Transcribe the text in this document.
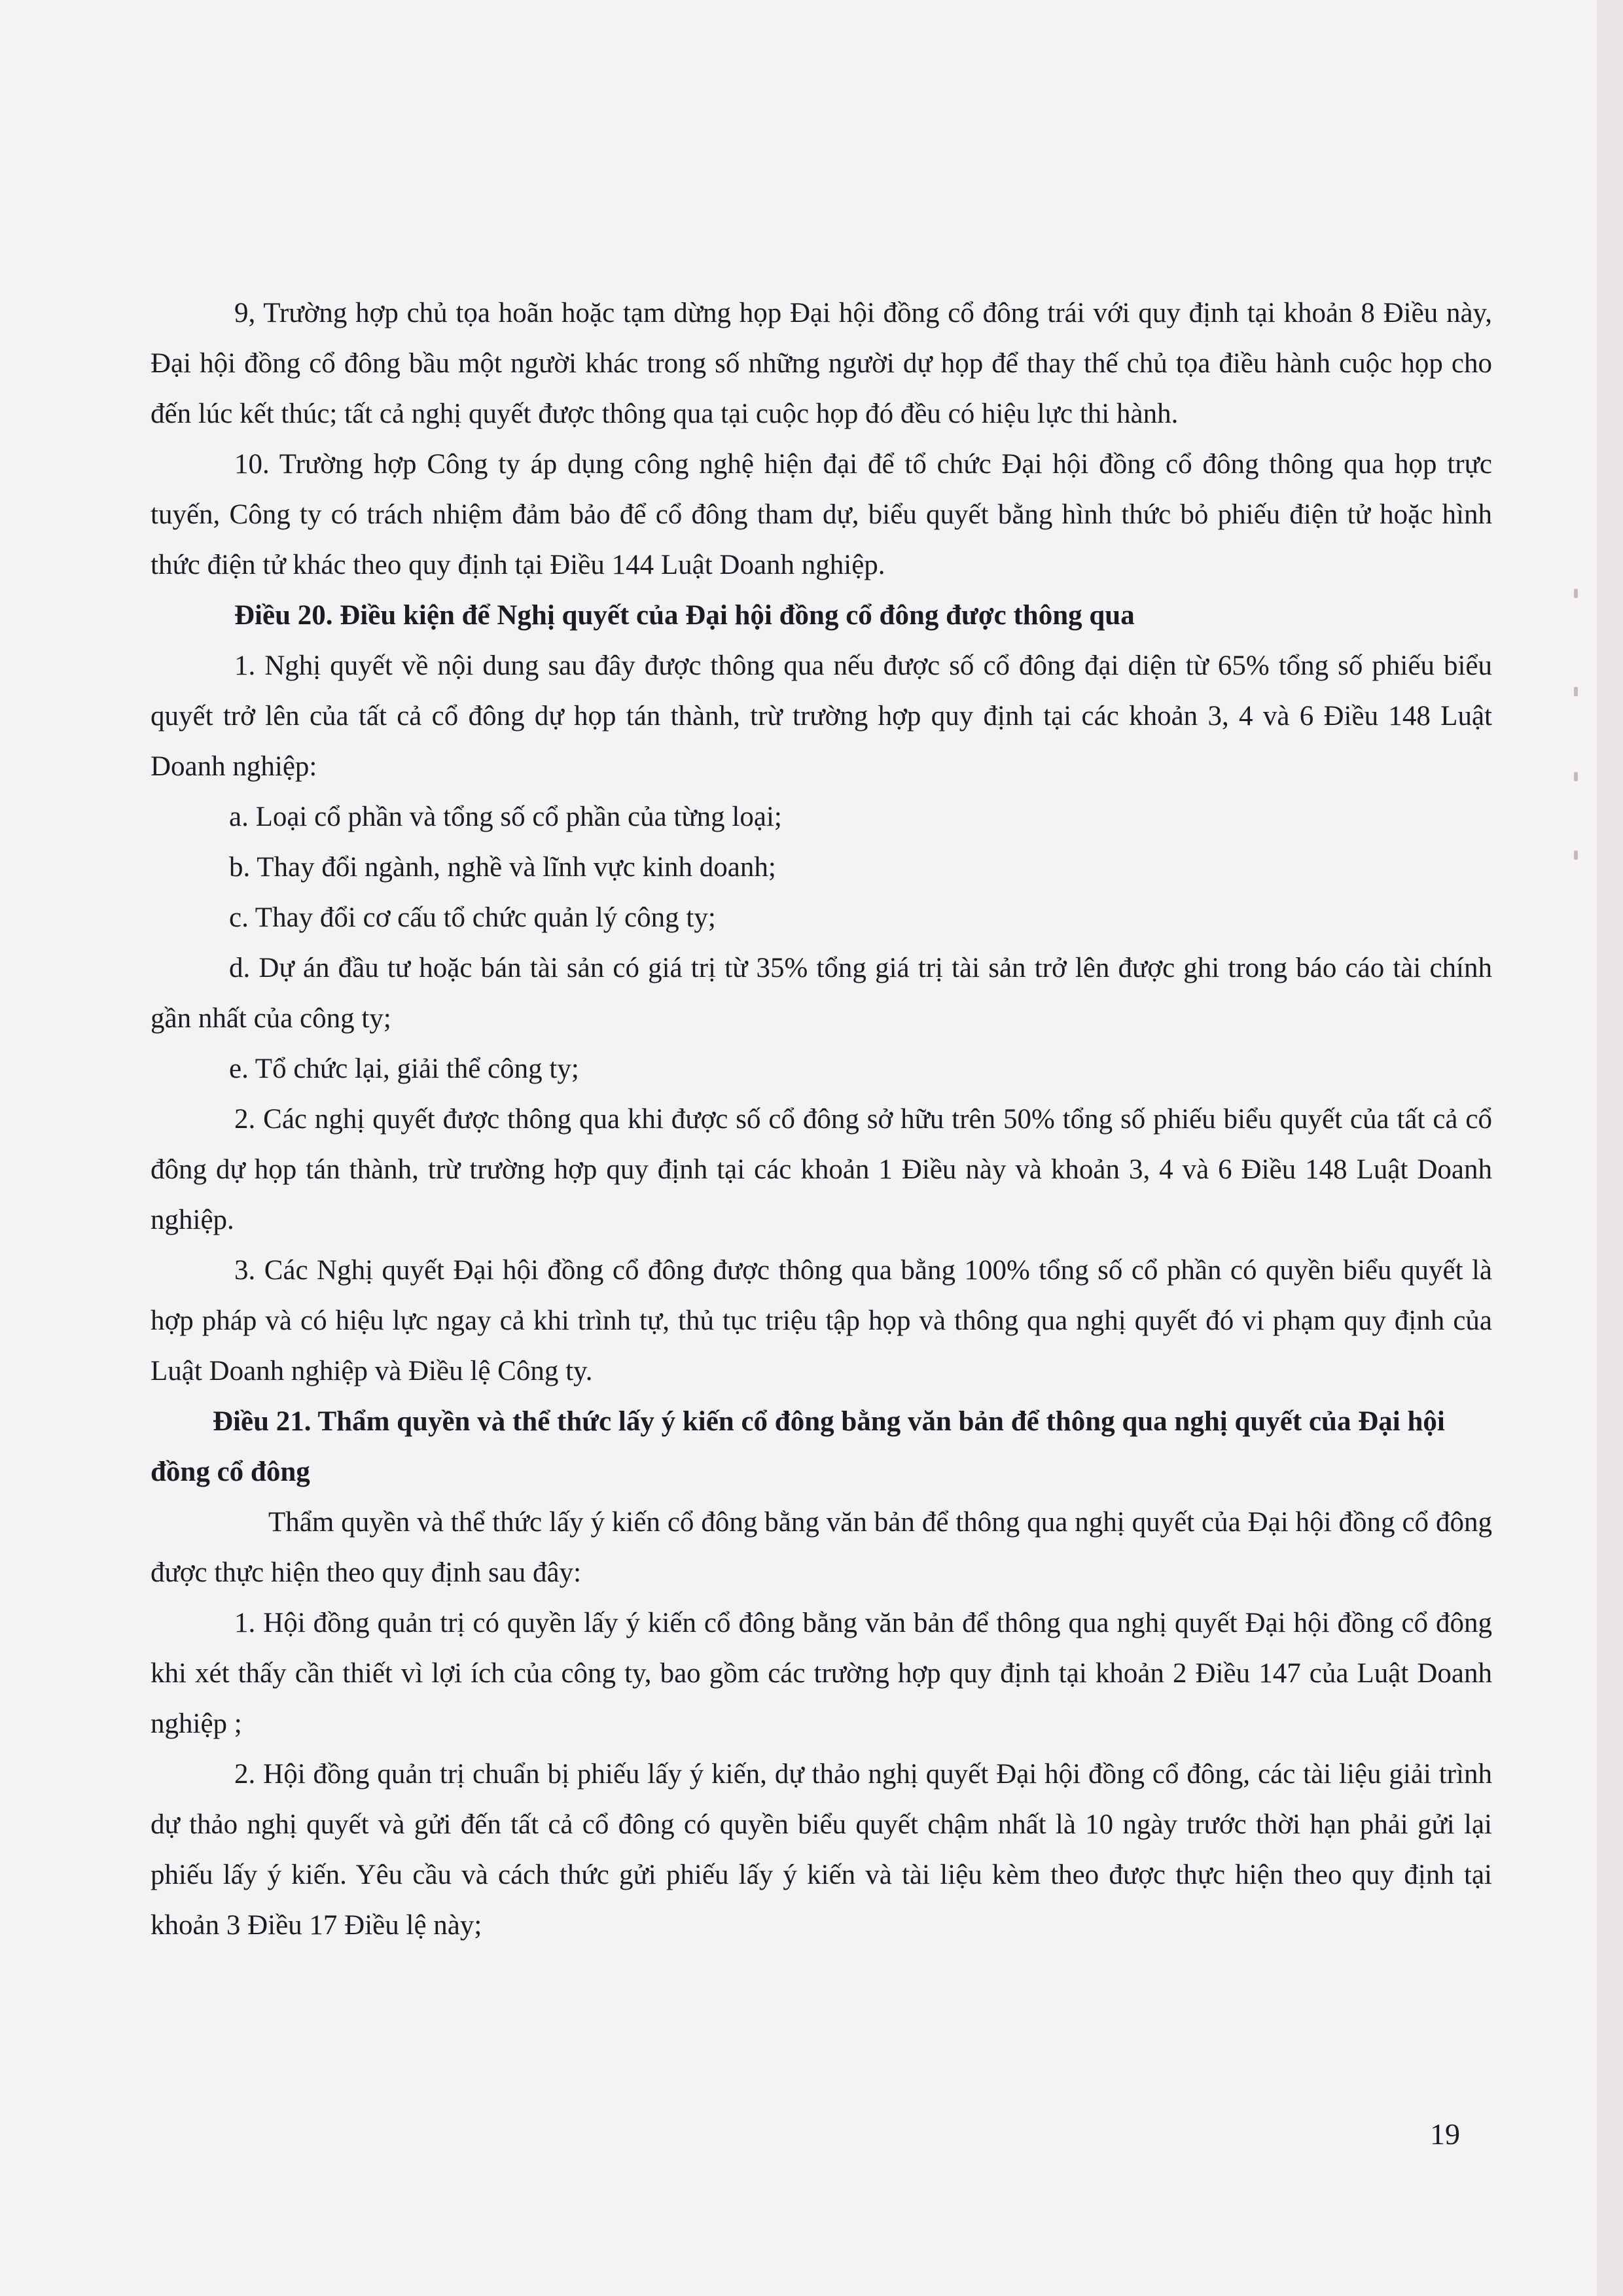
9, Trường hợp chủ tọa hoãn hoặc tạm dừng họp Đại hội đồng cổ đông trái với quy định tại khoản 8 Điều này, Đại hội đồng cổ đông bầu một người khác trong số những người dự họp để thay thế chủ tọa điều hành cuộc họp cho đến lúc kết thúc; tất cả nghị quyết được thông qua tại cuộc họp đó đều có hiệu lực thi hành.

10. Trường hợp Công ty áp dụng công nghệ hiện đại để tổ chức Đại hội đồng cổ đông thông qua họp trực tuyến, Công ty có trách nhiệm đảm bảo để cổ đông tham dự, biểu quyết bằng hình thức bỏ phiếu điện tử hoặc hình thức điện tử khác theo quy định tại Điều 144 Luật Doanh nghiệp.

Điều 20. Điều kiện để Nghị quyết của Đại hội đồng cổ đông được thông qua

1. Nghị quyết về nội dung sau đây được thông qua nếu được số cổ đông đại diện từ 65% tổng số phiếu biểu quyết trở lên của tất cả cổ đông dự họp tán thành, trừ trường hợp quy định tại các khoản 3, 4 và 6 Điều 148 Luật Doanh nghiệp:

a. Loại cổ phần và tổng số cổ phần của từng loại;

b. Thay đổi ngành, nghề và lĩnh vực kinh doanh;

c. Thay đổi cơ cấu tổ chức quản lý công ty;

d. Dự án đầu tư hoặc bán tài sản có giá trị từ 35% tổng giá trị tài sản trở lên được ghi trong báo cáo tài chính gần nhất của công ty;

e. Tổ chức lại, giải thể công ty;

2. Các nghị quyết được thông qua khi được số cổ đông sở hữu trên 50% tổng số phiếu biểu quyết của tất cả cổ đông dự họp tán thành, trừ trường hợp quy định tại các khoản 1 Điều này và khoản 3, 4 và 6 Điều 148 Luật Doanh nghiệp.

3. Các Nghị quyết Đại hội đồng cổ đông được thông qua bằng 100% tổng số cổ phần có quyền biểu quyết là hợp pháp và có hiệu lực ngay cả khi trình tự, thủ tục triệu tập họp và thông qua nghị quyết đó vi phạm quy định của Luật Doanh nghiệp và Điều lệ Công ty.

Điều 21. Thẩm quyền và thể thức lấy ý kiến cổ đông bằng văn bản để thông qua nghị quyết của Đại hội đồng cổ đông

Thẩm quyền và thể thức lấy ý kiến cổ đông bằng văn bản để thông qua nghị quyết của Đại hội đồng cổ đông được thực hiện theo quy định sau đây:

1. Hội đồng quản trị có quyền lấy ý kiến cổ đông bằng văn bản để thông qua nghị quyết Đại hội đồng cổ đông khi xét thấy cần thiết vì lợi ích của công ty, bao gồm các trường hợp quy định tại khoản 2 Điều 147 của Luật Doanh nghiệp ;

2. Hội đồng quản trị chuẩn bị phiếu lấy ý kiến, dự thảo nghị quyết Đại hội đồng cổ đông, các tài liệu giải trình dự thảo nghị quyết và gửi đến tất cả cổ đông có quyền biểu quyết chậm nhất là 10 ngày trước thời hạn phải gửi lại phiếu lấy ý kiến. Yêu cầu và cách thức gửi phiếu lấy ý kiến và tài liệu kèm theo được thực hiện theo quy định tại khoản 3 Điều 17 Điều lệ này;

19
